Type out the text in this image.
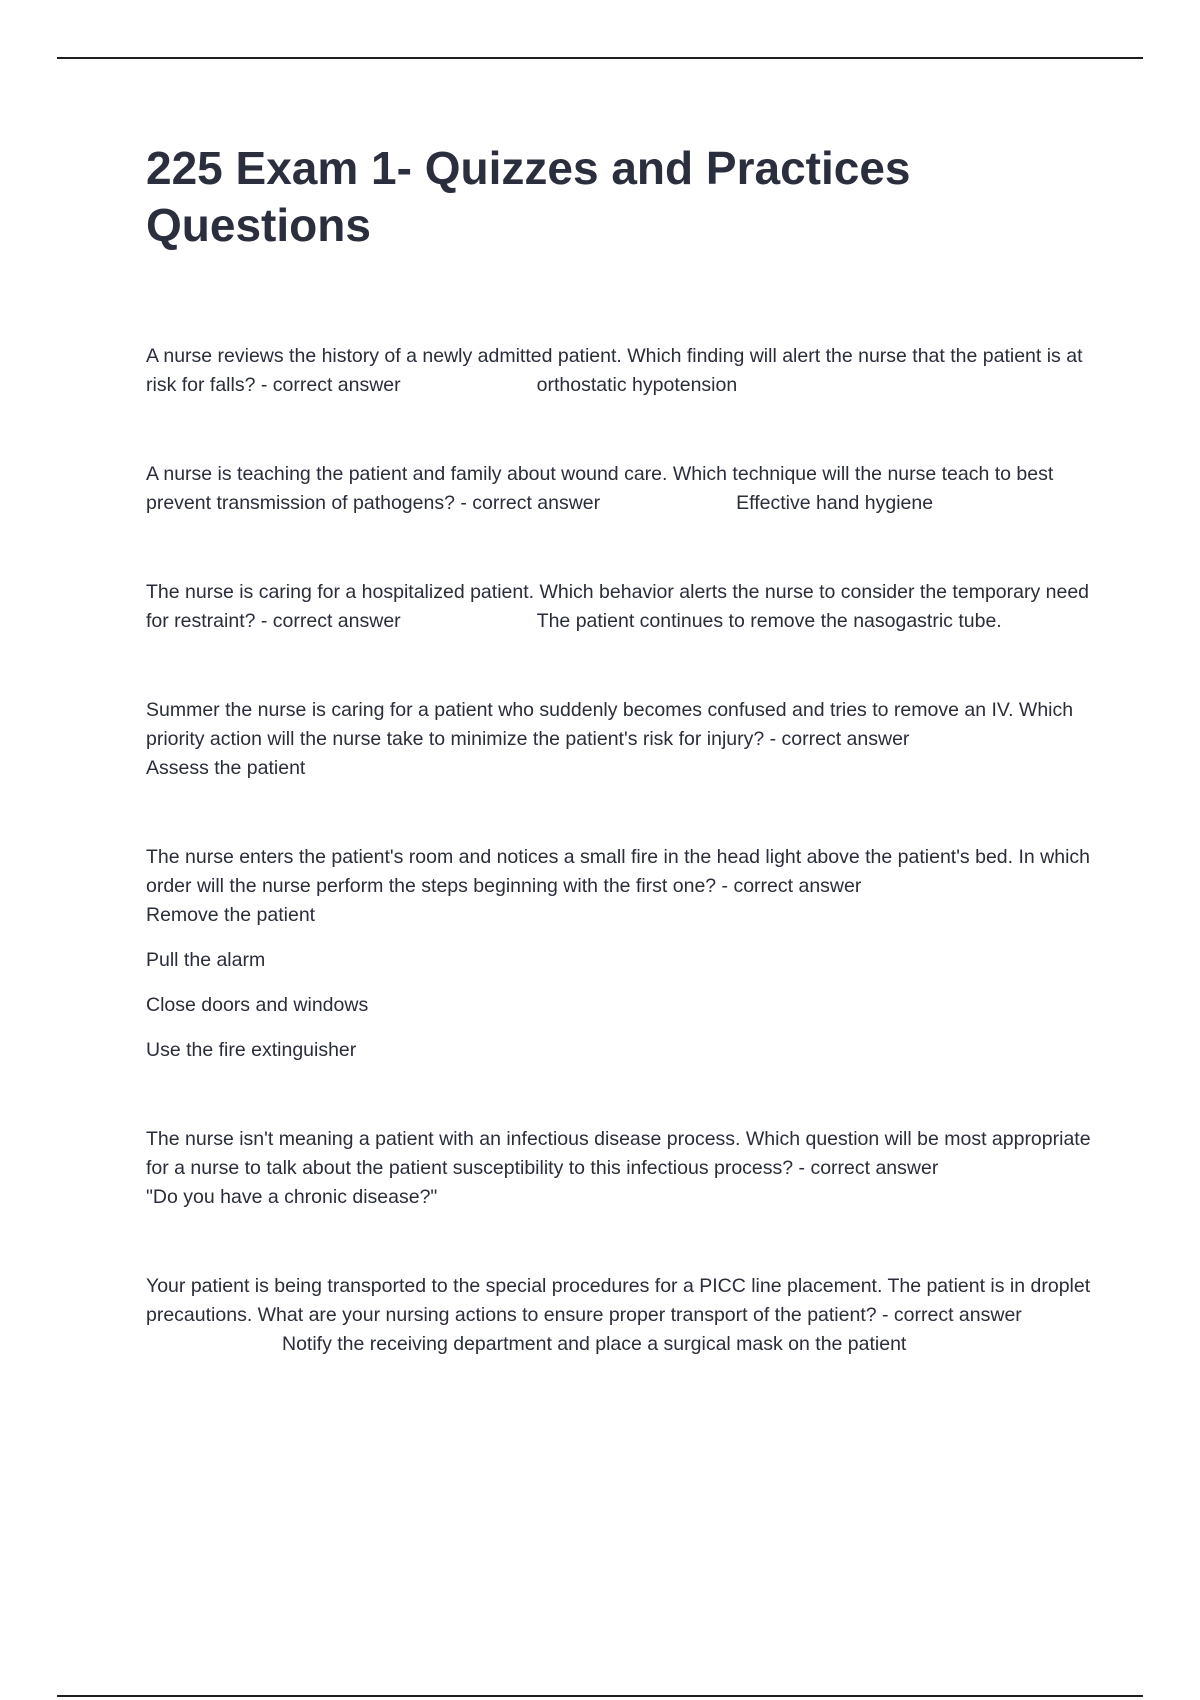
225 Exam 1- Quizzes and Practices Questions

A nurse reviews the history of a newly admitted patient. Which finding will alert the nurse that the patient is at risk for falls? - correct answer	orthostatic hypotension

A nurse is teaching the patient and family about wound care. Which technique will the nurse teach to best prevent transmission of pathogens? - correct answer	Effective hand hygiene

The nurse is caring for a hospitalized patient. Which behavior alerts the nurse to consider the temporary need for restraint? - correct answer	The patient continues to remove the nasogastric tube.

Summer the nurse is caring for a patient who suddenly becomes confused and tries to remove an IV. Which priority action will the nurse take to minimize the patient's risk for injury? - correct answer
Assess the patient

The nurse enters the patient's room and notices a small fire in the head light above the patient's bed. In which order will the nurse perform the steps beginning with the first one? - correct answer
Remove the patient
Pull the alarm
Close doors and windows
Use the fire extinguisher

The nurse isn't meaning a patient with an infectious disease process. Which question will be most appropriate for a nurse to talk about the patient susceptibility to this infectious process? - correct answer"Do you have a chronic disease?"

Your patient is being transported to the special procedures for a PICC line placement. The patient is in droplet precautions. What are your nursing actions to ensure proper transport of the patient? - correct answerNotify the receiving department and place a surgical mask on the patient
